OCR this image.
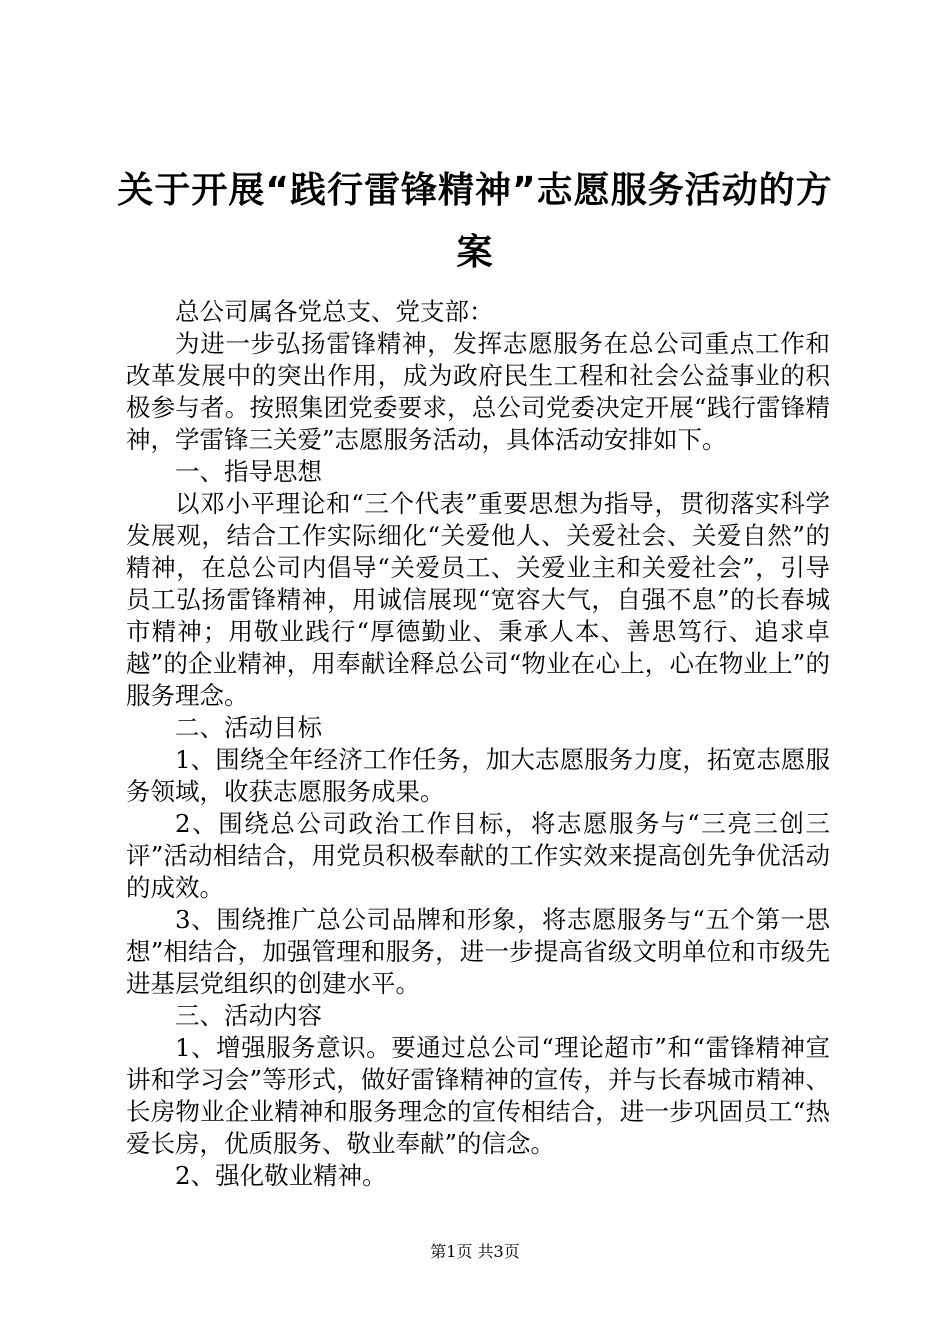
关于开展“践行雷锋精神”志愿服务活动的方案

总公司属各党总支、党支部：

为进一步弘扬雷锋精神，发挥志愿服务在总公司重点工作和改革发展中的突出作用，成为政府民生工程和社会公益事业的积极参与者。按照集团党委要求，总公司党委决定开展“践行雷锋精神，学雷锋三关爱”志愿服务活动，具体活动安排如下。

一、指导思想

以邓小平理论和“三个代表”重要思想为指导，贯彻落实科学发展观，结合工作实际细化“关爱他人、关爱社会、关爱自然”的精神，在总公司内倡导“关爱员工、关爱业主和关爱社会”，引导员工弘扬雷锋精神，用诚信展现“宽容大气，自强不息”的长春城市精神；用敬业践行“厚德勤业、秉承人本、善思笃行、追求卓越”的企业精神，用奉献诠释总公司“物业在心上，心在物业上”的服务理念。

二、活动目标

1、围绕全年经济工作任务，加大志愿服务力度，拓宽志愿服务领域，收获志愿服务成果。

2、围绕总公司政治工作目标，将志愿服务与“三亮三创三评”活动相结合，用党员积极奉献的工作实效来提高创先争优活动的成效。

3、围绕推广总公司品牌和形象，将志愿服务与“五个第一思想”相结合，加强管理和服务，进一步提高省级文明单位和市级先进基层党组织的创建水平。

三、活动内容

1、增强服务意识。要通过总公司“理论超市”和“雷锋精神宣讲和学习会”等形式，做好雷锋精神的宣传，并与长春城市精神、长房物业企业精神和服务理念的宣传相结合，进一步巩固员工“热爱长房，优质服务、敬业奉献”的信念。

2、强化敬业精神。

第1页 共3页
